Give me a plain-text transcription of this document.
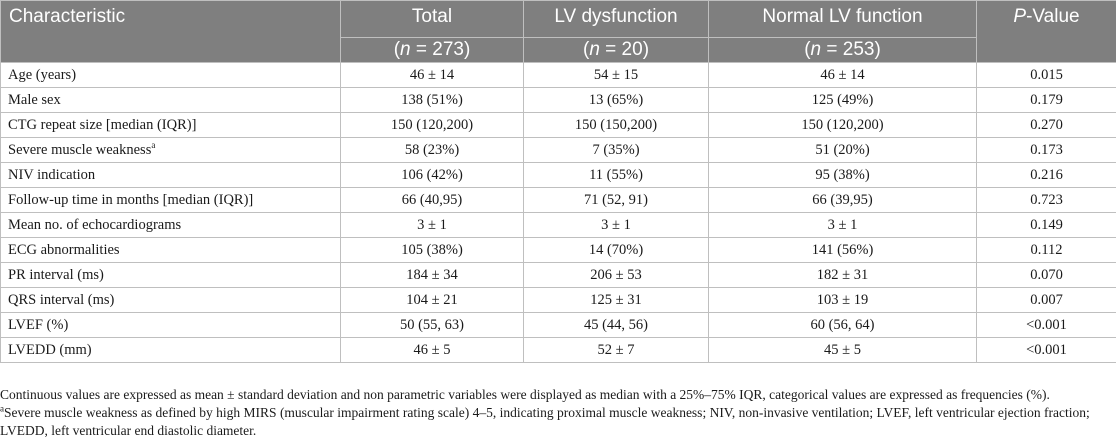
Characteristic	Total	LV dysfunction	Normal LV function	P-Value
	(n = 273)	(n = 20)	(n = 253)	
Age (years)	46 ± 14	54 ± 15	46 ± 14	0.015
Male sex	138 (51%)	13 (65%)	125 (49%)	0.179
CTG repeat size [median (IQR)]	150 (120,200)	150 (150,200)	150 (120,200)	0.270
Severe muscle weakness$^a$	58 (23%)	7 (35%)	51 (20%)	0.173
NIV indication	106 (42%)	11 (55%)	95 (38%)	0.216
Follow-up time in months [median (IQR)]	66 (40,95)	71 (52, 91)	66 (39,95)	0.723
Mean no. of echocardiograms	3 ± 1	3 ± 1	3 ± 1	0.149
ECG abnormalities	105 (38%)	14 (70%)	141 (56%)	0.112
PR interval (ms)	184 ± 34	206 ± 53	182 ± 31	0.070
QRS interval (ms)	104 ± 21	125 ± 31	103 ± 19	0.007
LVEF (%)	50 (55, 63)	45 (44, 56)	60 (56, 64)	<0.001
LVEDD (mm)	46 ± 5	52 ± 7	45 ± 5	<0.001
Continuous values are expressed as mean ± standard deviation and non parametric variables were displayed as median with a 25%–75% IQR, categorical values are expressed as frequencies (%).
$^a$Severe muscle weakness as defined by high MIRS (muscular impairment rating scale) 4–5, indicating proximal muscle weakness; NIV, non-invasive ventilation; LVEF, left ventricular ejection fraction; LVEDD, left ventricular end diastolic diameter.
